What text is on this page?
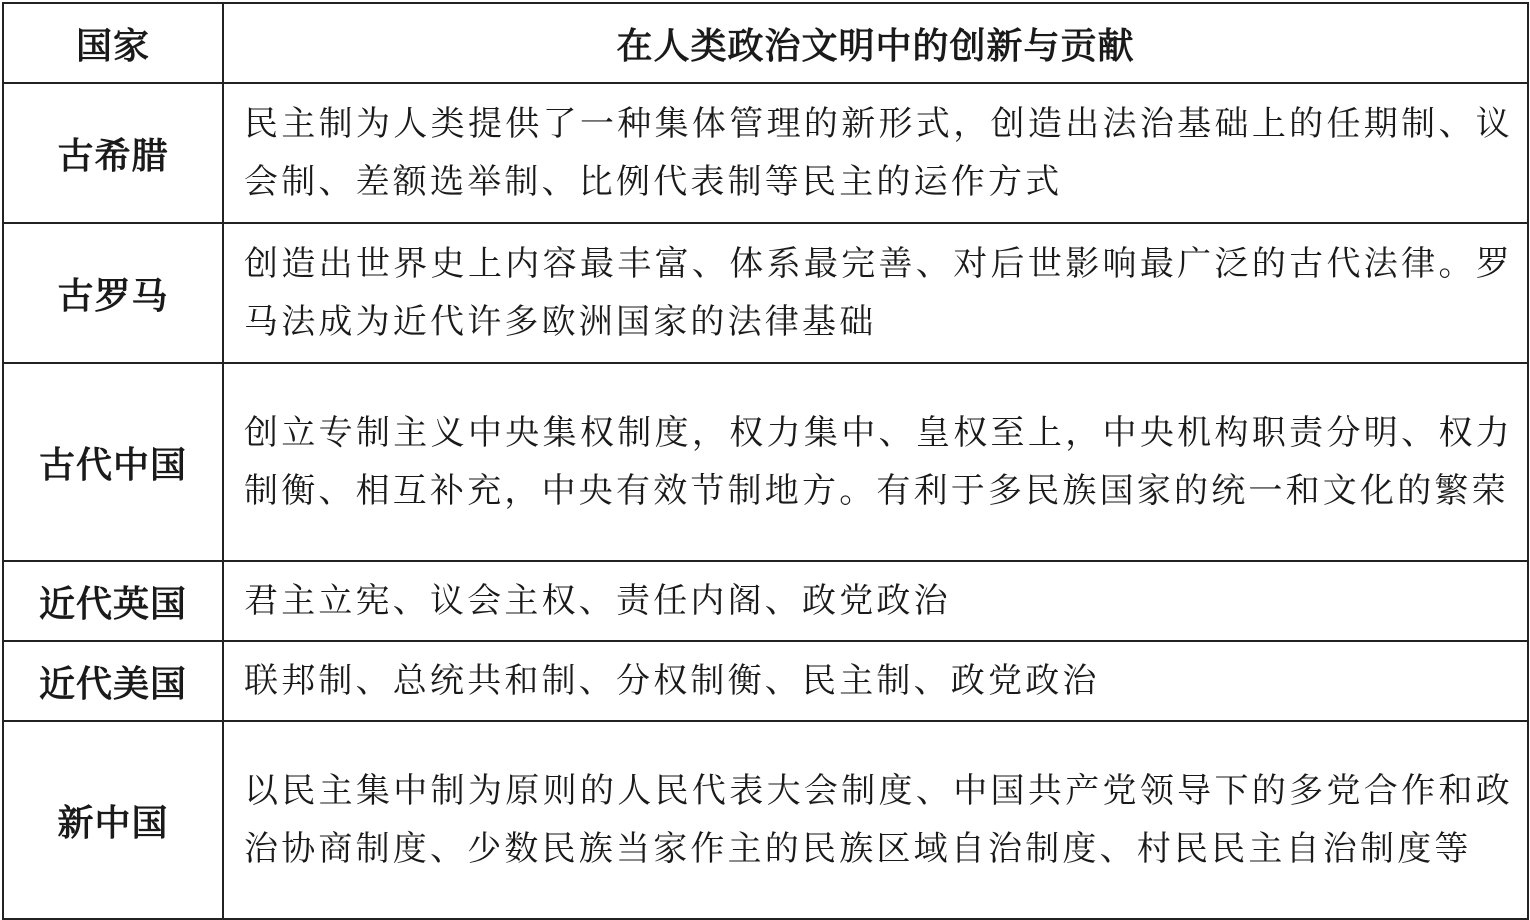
国家	在人类政治文明中的创新与贡献
古希腊	民主制为人类提供了一种集体管理的新形式，创造出法治基础上的任期制、议会制、差额选举制、比例代表制等民主的运作方式
古罗马	创造出世界史上内容最丰富、体系最完善、对后世影响最广泛的古代法律。罗马法成为近代许多欧洲国家的法律基础
古代中国	创立专制主义中央集权制度，权力集中、皇权至上，中央机构职责分明、权力制衡、相互补充，中央有效节制地方。有利于多民族国家的统一和文化的繁荣
近代英国	君主立宪、议会主权、责任内阁、政党政治
近代美国	联邦制、总统共和制、分权制衡、民主制、政党政治
新中国	以民主集中制为原则的人民代表大会制度、中国共产党领导下的多党合作和政治协商制度、少数民族当家作主的民族区域自治制度、村民民主自治制度等
